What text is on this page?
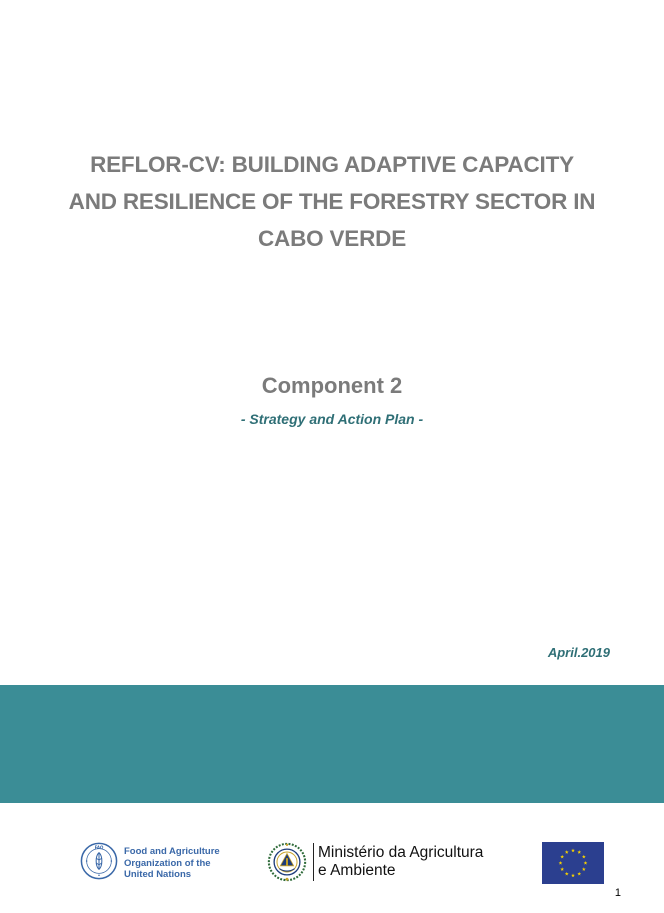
REFLOR-CV: BUILDING ADAPTIVE CAPACITY
AND RESILIENCE OF THE FORESTRY SECTOR IN
CABO VERDE
Component 2
- Strategy and Action Plan -
April.2019
FAO Food and Agriculture
Organization of the
United Nations
Ministério da Agricultura
e Ambiente
1
